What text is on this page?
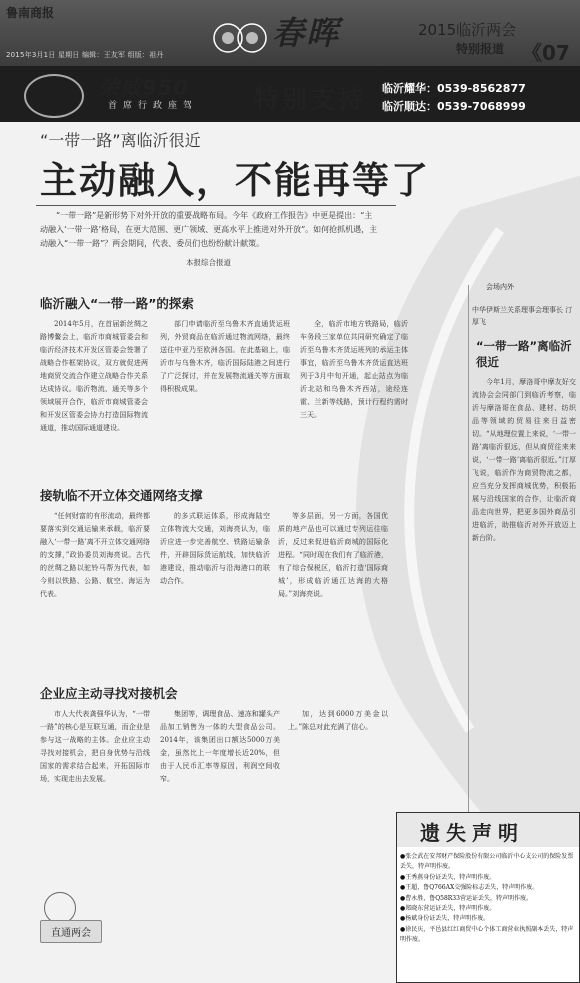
鲁南商报
2015年3月1日 星期日 编辑：王友军 组版：祖丹
春晖	2015临沂两会
特别报道 《07
荣威950
首席行政座驾 特别支持 临沂耀华：0539-8562877
临沂顺达：0539-7068999
“一带一路”离临沂很近
主动融入，不能再等了
“一带一路”是新形势下对外开放的重要战略布局。今年《政府工作报告》中更是提出：“主动融入‘一带一路’格局，在更大范围、更广领域、更高水平上推进对外开放”。如何抢抓机遇，主动融入“一带一路”？两会期间，代表、委员们也纷纷献计献策。
本报综合报道
临沂融入“一带一路”的探索
2014年5月，在首届新丝绸之路博鳌会上，临沂市商城管委会和临沂经济技术开发区管委会签署了战略合作框架协议，双方就促进两地商贸交流合作建立战略合作关系达成协议。临沂物流、通关等多个领域展开合作，临沂市商城管委会和开发区管委会协力打造国际物流通道，推动国际通道建设。
部门申请临沂至乌鲁木齐直通货运班列，外贸商品在临沂通过物流网络，最终送往中亚乃至欧洲各国。在此基础上，临沂市与乌鲁木齐，临沂国际陆港之间进行了广泛探讨，并在发展物流通关等方面取得积极成果。
全，临沂市地方铁路局，临沂车务段三家单位共同研究确定了临沂至乌鲁木齐货运班列的承运主体事宜，临沂至乌鲁木齐货运直达班列于3月中旬开通，起止站点为临沂北站和乌鲁木齐西站，途经连霍、兰新等线路，预计行程约需时三天。
接轨临不开立体交通网络支撑
“任何财富的有形流动，最终都要落实到交通运输来承载，临沂要融入‘一带一路’离不开立体交通网络的支撑，”政协委员刘海亮说。古代的丝绸之路以驼铃马帮为代表，如今则以铁路、公路、航空、海运为代表。
的多式联运体系，形成海陆空立体物流大交通，刘海亮认为，临沂应进一步完善航空、铁路运输条件，开辟国际货运航线，加快临沂港建设，推动临沂与沿海港口的联动合作。
等多层面，另一方面，各国优质的地产品也可以通过专列运往临沂，反过来促进临沂商城的国际化进程。“同时现在我们有了临沂港，有了综合保税区，临沂打造‘国际商城’，形成临沂通江达海的大格局。”刘海亮说。
企业应主动寻找对接机会
市人大代表龚强华认为，“一带一路”的核心是互联互通，而企业是参与这一战略的主体。企业应主动寻找对接机会，把自身优势与沿线国家的需求结合起来，开拓国际市场，实现走出去发展。
集团等，调理食品、速冻和罐头产品加工销售为一体的大型食品公司。2014年，该集团出口额达5000万美金，虽然比上一年度增长近20%，但由于人民币汇率等原因，利润空间收窄。
加，达到6000万美金以上。”陈总对此充满了信心。
会场内外
中华伊斯兰关系理事会理事长 汀厚飞
“一带一路”离临沂很近
今年1月，摩洛哥中摩友好交流协会会同部门到临沂考察，临沂与摩洛哥在食品、建材、纺织品等领域的贸易往来日益密切。“从地理位置上来说，‘一带一路’离临沂很远，但从商贸往来来说，‘一带一路’离临沂很近。”汀厚飞说，临沂作为商贸物流之都，应当充分发挥商城优势，积极拓展与沿线国家的合作，让临沂商品走向世界，把更多国外商品引进临沂，助推临沂对外开放迈上新台阶。
遗失声明
●张会武在安邦财产保险股份有限公司临沂中心支公司的保险发票丢失，特声明作废。
●王秀燕身份证丢失，特声明作废。
●王超，鲁Q766AX交强险标志丢失，特声明作废。
●曹永胜，鲁Q58R33营运证丢失，特声明作废。
●郑晓东营运证丢失，特声明作废。
●杨斌身份证丢失，特声明作废。
●徐民庆，平邑县红红商贸中心个体工商营业执照副本丢失，特声明作废。
直通两会
